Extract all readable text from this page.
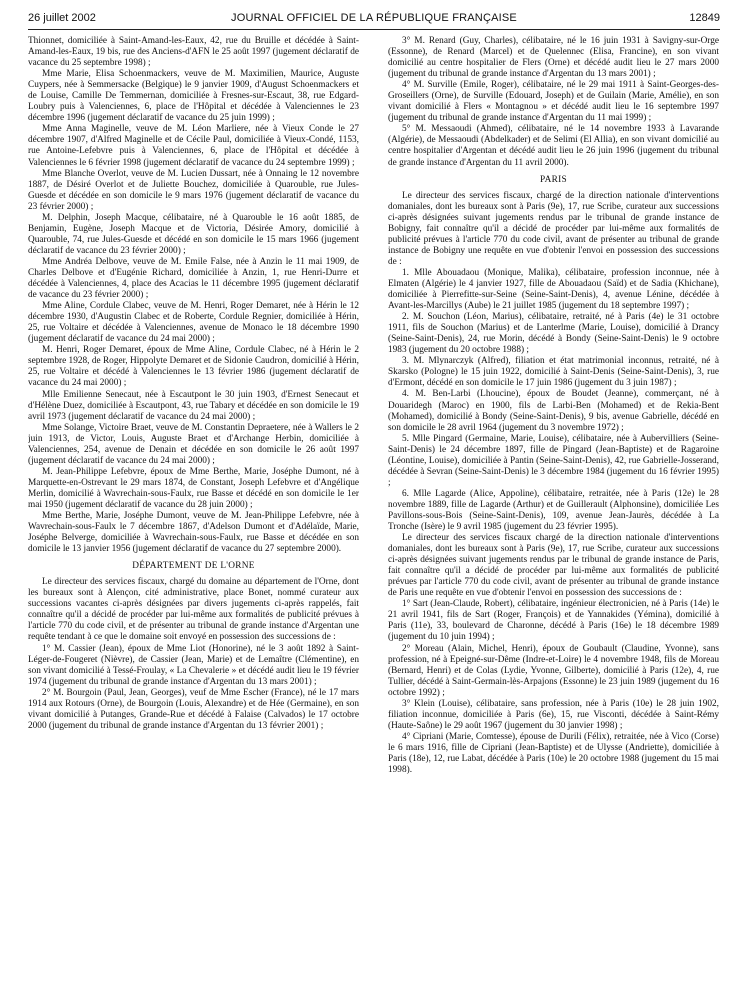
26 juillet 2002	JOURNAL OFFICIEL DE LA RÉPUBLIQUE FRANÇAISE	12849

Thionnet, domiciliée à Saint-Amand-les-Eaux, 42, rue du Bruille et décédée à Saint-Amand-les-Eaux, 19 bis, rue des Anciens-d'AFN le 25 août 1997 (jugement déclaratif de vacance du 25 septembre 1998) ;

Mme Marie, Elisa Schoenmackers, veuve de M. Maximilien, Maurice, Auguste Cuypers, née à Semmersacke (Belgique) le 9 janvier 1909, d'August Schoenmackers et de Louise, Camille De Temmernan, domiciliée à Fresnes-sur-Escaut, 38, rue Edgard-Loubry puis à Valenciennes, 6, place de l'Hôpital et décédée à Valenciennes le 23 décembre 1996 (jugement déclaratif de vacance du 25 juin 1999) ;

Mme Anna Maginelle, veuve de M. Léon Marliere, née à Vieux Conde le 27 décembre 1907, d'Alfred Maginelle et de Cécile Paul, domiciliée à Vieux-Condé, 1153, rue Antoine-Lefebvre puis à Valenciennes, 6, place de l'Hôpital et décédée à Valenciennes le 6 février 1998 (jugement déclaratif de vacance du 24 septembre 1999) ;

Mme Blanche Overlot, veuve de M. Lucien Dussart, née à Onnaing le 12 novembre 1887, de Désiré Overlot et de Juliette Bouchez, domiciliée à Quarouble, rue Jules-Guesde et décédée en son domicile le 9 mars 1976 (jugement déclaratif de vacance du 23 février 2000) ;

M. Delphin, Joseph Macque, célibataire, né à Quarouble le 16 août 1885, de Benjamin, Eugène, Joseph Macque et de Victoria, Désirée Amory, domicilié à Quarouble, 74, rue Jules-Guesde et décédé en son domicile le 15 mars 1966 (jugement déclaratif de vacance du 23 février 2000) ;

Mme Andréa Delbove, veuve de M. Emile False, née à Anzin le 11 mai 1909, de Charles Delbove et d'Eugénie Richard, domiciliée à Anzin, 1, rue Henri-Durre et décédée à Valenciennes, 4, place des Acacias le 11 décembre 1995 (jugement déclaratif de vacance du 23 février 2000) ;

Mme Aline, Cordule Clabec, veuve de M. Henri, Roger Demaret, née à Hérin le 12 décembre 1930, d'Augustin Clabec et de Roberte, Cordule Regnier, domiciliée à Hérin, 25, rue Voltaire et décédée à Valenciennes, avenue de Monaco le 18 décembre 1990 (jugement déclaratif de vacance du 24 mai 2000) ;

M. Henri, Roger Demaret, époux de Mme Aline, Cordule Clabec, né à Hérin le 2 septembre 1928, de Roger, Hippolyte Demaret et de Sidonie Caudron, domicilié à Hérin, 25, rue Voltaire et décédé à Valenciennes le 13 février 1986 (jugement déclaratif de vacance du 24 mai 2000) ;

Mlle Emilienne Senecaut, née à Escautpont le 30 juin 1903, d'Ernest Senecaut et d'Hélène Duez, domiciliée à Escautpont, 43, rue Tabary et décédée en son domicile le 19 avril 1973 (jugement déclaratif de vacance du 24 mai 2000) ;

Mme Solange, Victoire Braet, veuve de M. Constantin Depraetere, née à Wallers le 2 juin 1913, de Victor, Louis, Auguste Braet et d'Archange Herbin, domiciliée à Valenciennes, 254, avenue de Denain et décédée en son domicile le 26 août 1997 (jugement déclaratif de vacance du 24 mai 2000) ;

M. Jean-Philippe Lefebvre, époux de Mme Berthe, Marie, Joséphe Dumont, né à Marquette-en-Ostrevant le 29 mars 1874, de Constant, Joseph Lefebvre et d'Angélique Merlin, domicilié à Wavrechain-sous-Faulx, rue Basse et décédé en son domicile le 1er mai 1950 (jugement déclaratif de vacance du 28 juin 2000) ;

Mme Berthe, Marie, Joséphe Dumont, veuve de M. Jean-Philippe Lefebvre, née à Wavrechain-sous-Faulx le 7 décembre 1867, d'Adelson Dumont et d'Adélaïde, Marie, Joséphe Belverge, domiciliée à Wavrechain-sous-Faulx, rue Basse et décédée en son domicile le 13 janvier 1956 (jugement déclaratif de vacance du 27 septembre 2000).

DÉPARTEMENT DE L'ORNE

Le directeur des services fiscaux, chargé du domaine au département de l'Orne, dont les bureaux sont à Alençon, cité administrative, place Bonet, nommé curateur aux successions vacantes ci-après désignées par divers jugements ci-après rappelés, fait connaître qu'il a décidé de procéder par lui-même aux formalités de publicité prévues à l'article 770 du code civil, et de présenter au tribunal de grande instance d'Argentan une requête tendant à ce que le domaine soit envoyé en possession des successions de :

1° M. Cassier (Jean), époux de Mme Liot (Honorine), né le 3 août 1892 à Saint-Léger-de-Fougeret (Nièvre), de Cassier (Jean, Marie) et de Lemaître (Clémentine), en son vivant domicilié à Tessé-Froulay, « La Chevalerie » et décédé audit lieu le 19 février 1974 (jugement du tribunal de grande instance d'Argentan du 13 mars 2001) ;

2° M. Bourgoin (Paul, Jean, Georges), veuf de Mme Escher (France), né le 17 mars 1914 aux Rotours (Orne), de Bourgoin (Louis, Alexandre) et de Hée (Germaine), en son vivant domicilié à Putanges, Grande-Rue et décédé à Falaise (Calvados) le 17 octobre 2000 (jugement du tribunal de grande instance d'Argentan du 13 février 2001) ;

3° M. Renard (Guy, Charles), célibataire, né le 16 juin 1931 à Savigny-sur-Orge (Essonne), de Renard (Marcel) et de Quelennec (Elisa, Francine), en son vivant domicilié au centre hospitalier de Flers (Orne) et décédé audit lieu le 27 mars 2000 (jugement du tribunal de grande instance d'Argentan du 13 mars 2001) ;

4° M. Surville (Emile, Roger), célibataire, né le 29 mai 1911 à Saint-Georges-des-Groseillers (Orne), de Surville (Edouard, Joseph) et de Guilain (Marie, Amélie), en son vivant domicilié à Flers « Montagnou » et décédé audit lieu le 16 septembre 1997 (jugement du tribunal de grande instance d'Argentan du 11 mai 1999) ;

5° M. Messaoudi (Ahmed), célibataire, né le 14 novembre 1933 à Lavarande (Algérie), de Messaoudi (Abdelkader) et de Selimi (El Allia), en son vivant domicilié au centre hospitalier d'Argentan et décédé audit lieu le 26 juin 1996 (jugement du tribunal de grande instance d'Argentan du 11 avril 2000).

PARIS

Le directeur des services fiscaux, chargé de la direction nationale d'interventions domaniales, dont les bureaux sont à Paris (9e), 17, rue Scribe, curateur aux successions ci-après désignées suivant jugements rendus par le tribunal de grande instance de Bobigny, fait connaître qu'il a décidé de procéder par lui-même aux formalités de publicité prévues à l'article 770 du code civil, avant de présenter au tribunal de grande instance de Bobigny une requête en vue d'obtenir l'envoi en possession des successions de :

1. Mlle Abouadaou (Monique, Malika), célibataire, profession inconnue, née à Elmaten (Algérie) le 4 janvier 1927, fille de Abouadaou (Saïd) et de Sadia (Khichane), domiciliée à Pierrefitte-sur-Seine (Seine-Saint-Denis), 4, avenue Lénine, décédée à Avant-les-Marcillys (Aube) le 21 juillet 1985 (jugement du 18 septembre 1997) ;

2. M. Souchon (Léon, Marius), célibataire, retraité, né à Paris (4e) le 31 octobre 1911, fils de Souchon (Marius) et de Lanterlme (Marie, Louise), domicilié à Drancy (Seine-Saint-Denis), 24, rue Morin, décédé à Bondy (Seine-Saint-Denis) le 9 octobre 1983 (jugement du 20 octobre 1988) ;

3. M. Mlynarczyk (Alfred), filiation et état matrimonial inconnus, retraité, né à Skarsko (Pologne) le 15 juin 1922, domicilié à Saint-Denis (Seine-Saint-Denis), 3, rue d'Ermont, décédé en son domicile le 17 juin 1986 (jugement du 3 juin 1987) ;

4. M. Ben-Larbi (Lhoucine), époux de Boudet (Jeanne), commerçant, né à Douaridegh (Maroc) en 1900, fils de Larbi-Ben (Mohamed) et de Rekia-Bent (Mohamed), domicilié à Bondy (Seine-Saint-Denis), 9 bis, avenue Gabrielle, décédé en son domicile le 28 avril 1964 (jugement du 3 novembre 1972) ;

5. Mlle Pingard (Germaine, Marie, Louise), célibataire, née à Aubervilliers (Seine-Saint-Denis) le 24 décembre 1897, fille de Pingard (Jean-Baptiste) et de Ragaroine (Léontine, Louise), domiciliée à Pantin (Seine-Saint-Denis), 42, rue Gabrielle-Josserand, décédée à Sevran (Seine-Saint-Denis) le 3 décembre 1984 (jugement du 16 février 1995) ;

6. Mlle Lagarde (Alice, Appoline), célibataire, retraitée, née à Paris (12e) le 28 novembre 1889, fille de Lagarde (Arthur) et de Guillerault (Alphonsine), domiciliée Les Pavillons-sous-Bois (Seine-Saint-Denis), 109, avenue Jean-Jaurès, décédée à La Tronche (Isère) le 9 avril 1985 (jugement du 23 février 1995).

Le directeur des services fiscaux chargé de la direction nationale d'interventions domaniales, dont les bureaux sont à Paris (9e), 17, rue Scribe, curateur aux successions ci-après désignées suivant jugements rendus par le tribunal de grande instance de Paris, fait connaître qu'il a décidé de procéder par lui-même aux formalités de publicité prévues par l'article 770 du code civil, avant de présenter au tribunal de grande instance de Paris une requête en vue d'obtenir l'envoi en possession des successions de :

1° Sart (Jean-Claude, Robert), célibataire, ingénieur électronicien, né à Paris (14e) le 21 avril 1941, fils de Sart (Roger, François) et de Yannakides (Yémina), domicilié à Paris (11e), 33, boulevard de Charonne, décédé à Paris (16e) le 18 décembre 1989 (jugement du 10 juin 1994) ;

2° Moreau (Alain, Michel, Henri), époux de Goubault (Claudine, Yvonne), sans profession, né à Epeigné-sur-Dême (Indre-et-Loire) le 4 novembre 1948, fils de Moreau (Bernard, Henri) et de Colas (Lydie, Yvonne, Gilberte), domicilié à Paris (12e), 4, rue Tullier, décédé à Saint-Germain-lès-Arpajons (Essonne) le 23 juin 1989 (jugement du 16 octobre 1992) ;

3° Klein (Louise), célibataire, sans profession, née à Paris (10e) le 28 juin 1902, filiation inconnue, domiciliée à Paris (6e), 15, rue Visconti, décédée à Saint-Rémy (Haute-Saône) le 29 août 1967 (jugement du 30 janvier 1998) ;

4° Cipriani (Marie, Comtesse), épouse de Durili (Félix), retraitée, née à Vico (Corse) le 6 mars 1916, fille de Cipriani (Jean-Baptiste) et de Ulysse (Andriette), domiciliée à Paris (18e), 12, rue Labat, décédée à Paris (10e) le 20 octobre 1988 (jugement du 15 mai 1998).
